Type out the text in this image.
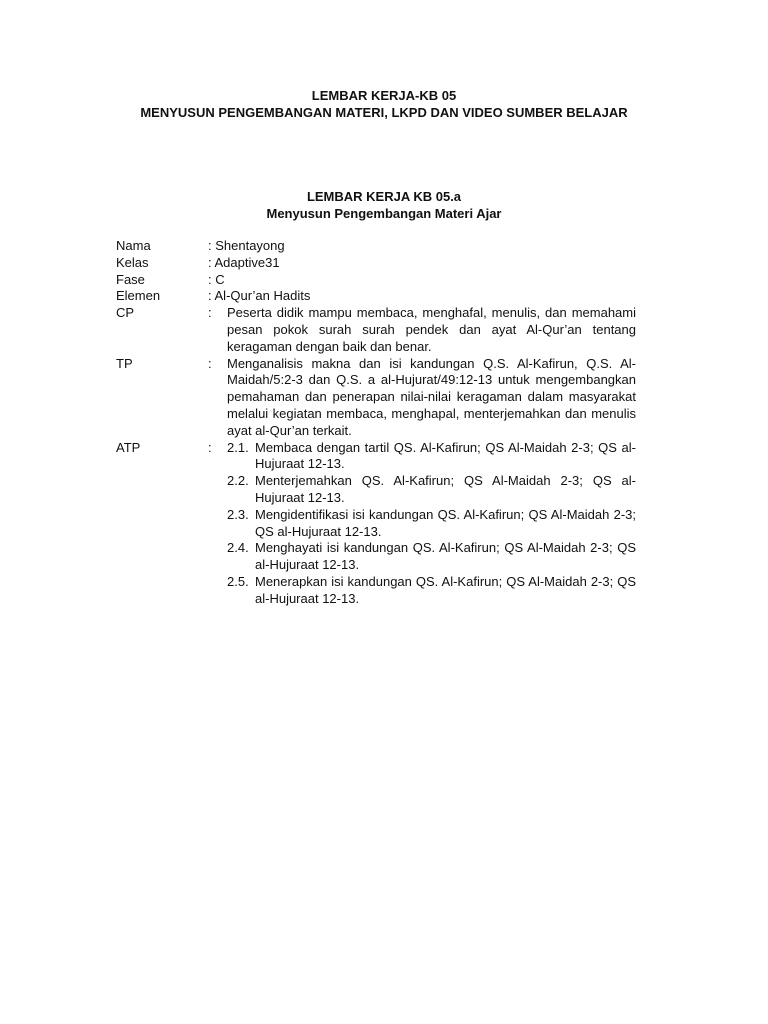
LEMBAR KERJA-KB 05
MENYUSUN PENGEMBANGAN MATERI, LKPD DAN VIDEO SUMBER BELAJAR
LEMBAR KERJA KB 05.a
Menyusun Pengembangan Materi Ajar
Nama	: Shentayong
Kelas	: Adaptive31
Fase	: C
Elemen	: Al-Qur’an Hadits
CP	:	Peserta didik mampu membaca, menghafal, menulis, dan memahami pesan pokok surah surah pendek dan ayat Al-Qur’an tentang keragaman dengan baik dan benar.
TP	:	Menganalisis makna dan isi kandungan Q.S. Al-Kafirun, Q.S. Al-Maidah/5:2-3 dan Q.S. a al-Hujurat/49:12-13 untuk mengembangkan pemahaman dan penerapan nilai-nilai keragaman dalam masyarakat melalui kegiatan membaca, menghapal, menterjemahkan dan menulis ayat al-Qur’an terkait.
ATP	:	2.1. Membaca dengan tartil QS. Al-Kafirun; QS Al-Maidah 2-3; QS al-Hujuraat 12-13.
2.2. Menterjemahkan QS. Al-Kafirun; QS Al-Maidah 2-3; QS al-Hujuraat 12-13.
2.3. Mengidentifikasi isi kandungan QS. Al-Kafirun; QS Al-Maidah 2-3; QS al-Hujuraat 12-13.
2.4. Menghayati isi kandungan QS. Al-Kafirun; QS Al-Maidah 2-3; QS al-Hujuraat 12-13.
2.5. Menerapkan isi kandungan QS. Al-Kafirun; QS Al-Maidah 2-3; QS al-Hujuraat 12-13.
